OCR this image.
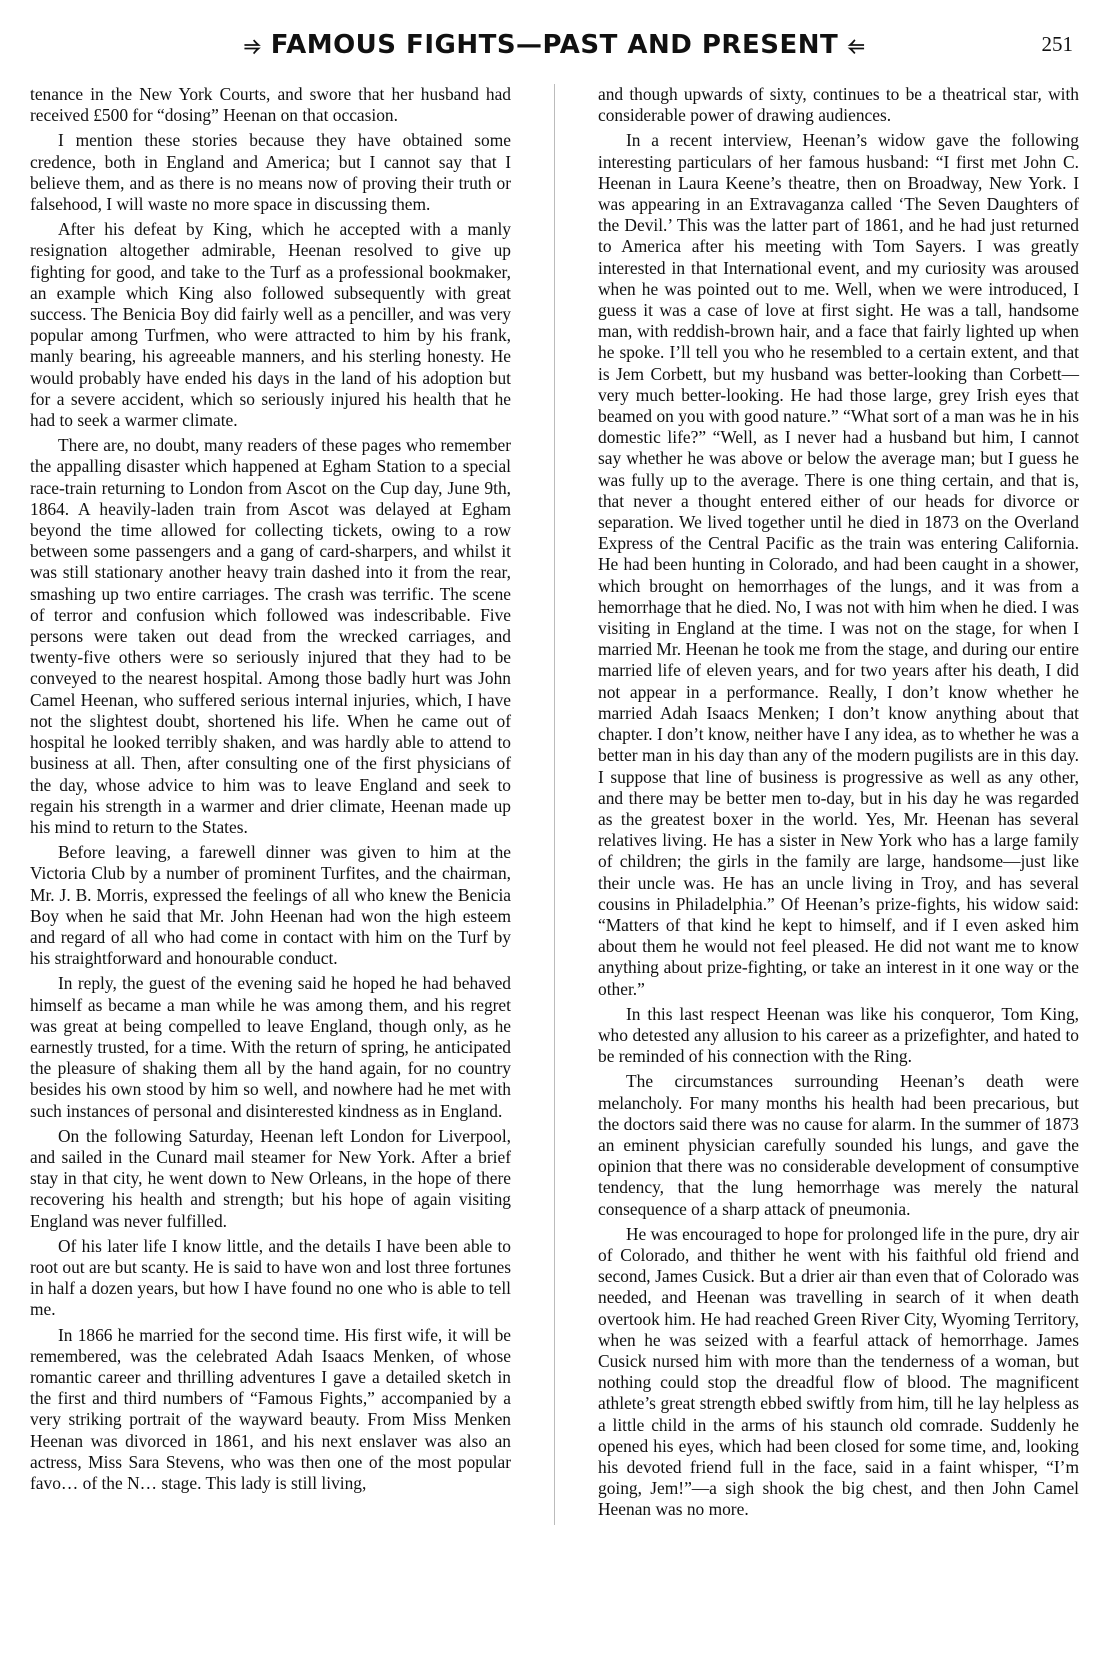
⥤ FAMOUS FIGHTS—PAST AND PRESENT ⥢	251

tenance in the New York Courts, and swore that her husband had received £500 for “dosing” Heenan on that occasion.

I mention these stories because they have obtained some credence, both in England and America; but I cannot say that I believe them, and as there is no means now of proving their truth or falsehood, I will waste no more space in discussing them.

After his defeat by King, which he accepted with a manly resignation altogether admirable, Heenan resolved to give up fighting for good, and take to the Turf as a professional bookmaker, an example which King also followed subsequently with great success. The Benicia Boy did fairly well as a penciller, and was very popular among Turfmen, who were attracted to him by his frank, manly bearing, his agreeable manners, and his sterling honesty. He would probably have ended his days in the land of his adoption but for a severe accident, which so seriously injured his health that he had to seek a warmer climate.

There are, no doubt, many readers of these pages who remember the appalling disaster which happened at Egham Station to a special race-train returning to London from Ascot on the Cup day, June 9th, 1864. A heavily-laden train from Ascot was delayed at Egham beyond the time allowed for collecting tickets, owing to a row between some passengers and a gang of card-sharpers, and whilst it was still stationary another heavy train dashed into it from the rear, smashing up two entire carriages. The crash was terrific. The scene of terror and confusion which followed was indescribable. Five persons were taken out dead from the wrecked carriages, and twenty-five others were so seriously injured that they had to be conveyed to the nearest hospital. Among those badly hurt was John Camel Heenan, who suffered serious internal injuries, which, I have not the slightest doubt, shortened his life. When he came out of hospital he looked terribly shaken, and was hardly able to attend to business at all. Then, after consulting one of the first physicians of the day, whose advice to him was to leave England and seek to regain his strength in a warmer and drier climate, Heenan made up his mind to return to the States.

Before leaving, a farewell dinner was given to him at the Victoria Club by a number of prominent Turfites, and the chairman, Mr. J. B. Morris, expressed the feelings of all who knew the Benicia Boy when he said that Mr. John Heenan had won the high esteem and regard of all who had come in contact with him on the Turf by his straightforward and honourable conduct.

In reply, the guest of the evening said he hoped he had behaved himself as became a man while he was among them, and his regret was great at being compelled to leave England, though only, as he earnestly trusted, for a time. With the return of spring, he anticipated the pleasure of shaking them all by the hand again, for no country besides his own stood by him so well, and nowhere had he met with such instances of personal and disinterested kindness as in England.

On the following Saturday, Heenan left London for Liverpool, and sailed in the Cunard mail steamer for New York. After a brief stay in that city, he went down to New Orleans, in the hope of there recovering his health and strength; but his hope of again visiting England was never fulfilled.

Of his later life I know little, and the details I have been able to root out are but scanty. He is said to have won and lost three fortunes in half a dozen years, but how I have found no one who is able to tell me.

In 1866 he married for the second time. His first wife, it will be remembered, was the celebrated Adah Isaacs Menken, of whose romantic career and thrilling adventures I gave a detailed sketch in the first and third numbers of “Famous Fights,” accompanied by a very striking portrait of the wayward beauty. From Miss Menken Heenan was divorced in 1861, and his next enslaver was also an actress, Miss Sara Stevens, who was then one of the most popular favo… of the N… stage. This lady is still living,

and though upwards of sixty, continues to be a theatrical star, with considerable power of drawing audiences.

In a recent interview, Heenan’s widow gave the following interesting particulars of her famous husband: “I first met John C. Heenan in Laura Keene’s theatre, then on Broadway, New York. I was appearing in an Extravaganza called ‘The Seven Daughters of the Devil.’ This was the latter part of 1861, and he had just returned to America after his meeting with Tom Sayers. I was greatly interested in that International event, and my curiosity was aroused when he was pointed out to me. Well, when we were introduced, I guess it was a case of love at first sight. He was a tall, handsome man, with reddish-brown hair, and a face that fairly lighted up when he spoke. I’ll tell you who he resembled to a certain extent, and that is Jem Corbett, but my husband was better-looking than Corbett—very much better-looking. He had those large, grey Irish eyes that beamed on you with good nature.” “What sort of a man was he in his domestic life?” “Well, as I never had a husband but him, I cannot say whether he was above or below the average man; but I guess he was fully up to the average. There is one thing certain, and that is, that never a thought entered either of our heads for divorce or separation. We lived together until he died in 1873 on the Overland Express of the Central Pacific as the train was entering California. He had been hunting in Colorado, and had been caught in a shower, which brought on hemorrhages of the lungs, and it was from a hemorrhage that he died. No, I was not with him when he died. I was visiting in England at the time. I was not on the stage, for when I married Mr. Heenan he took me from the stage, and during our entire married life of eleven years, and for two years after his death, I did not appear in a performance. Really, I don’t know whether he married Adah Isaacs Menken; I don’t know anything about that chapter. I don’t know, neither have I any idea, as to whether he was a better man in his day than any of the modern pugilists are in this day. I suppose that line of business is progressive as well as any other, and there may be better men to-day, but in his day he was regarded as the greatest boxer in the world. Yes, Mr. Heenan has several relatives living. He has a sister in New York who has a large family of children; the girls in the family are large, handsome—just like their uncle was. He has an uncle living in Troy, and has several cousins in Philadelphia.” Of Heenan’s prize-fights, his widow said: “Matters of that kind he kept to himself, and if I even asked him about them he would not feel pleased. He did not want me to know anything about prize-fighting, or take an interest in it one way or the other.”

In this last respect Heenan was like his conqueror, Tom King, who detested any allusion to his career as a prizefighter, and hated to be reminded of his connection with the Ring.

The circumstances surrounding Heenan’s death were melancholy. For many months his health had been precarious, but the doctors said there was no cause for alarm. In the summer of 1873 an eminent physician carefully sounded his lungs, and gave the opinion that there was no considerable development of consumptive tendency, that the lung hemorrhage was merely the natural consequence of a sharp attack of pneumonia.

He was encouraged to hope for prolonged life in the pure, dry air of Colorado, and thither he went with his faithful old friend and second, James Cusick. But a drier air than even that of Colorado was needed, and Heenan was travelling in search of it when death overtook him. He had reached Green River City, Wyoming Territory, when he was seized with a fearful attack of hemorrhage. James Cusick nursed him with more than the tenderness of a woman, but nothing could stop the dreadful flow of blood. The magnificent athlete’s great strength ebbed swiftly from him, till he lay helpless as a little child in the arms of his staunch old comrade. Suddenly he opened his eyes, which had been closed for some time, and, looking his devoted friend full in the face, said in a faint whisper, “I’m going, Jem!”—a sigh shook the big chest, and then John Camel Heenan was no more.
